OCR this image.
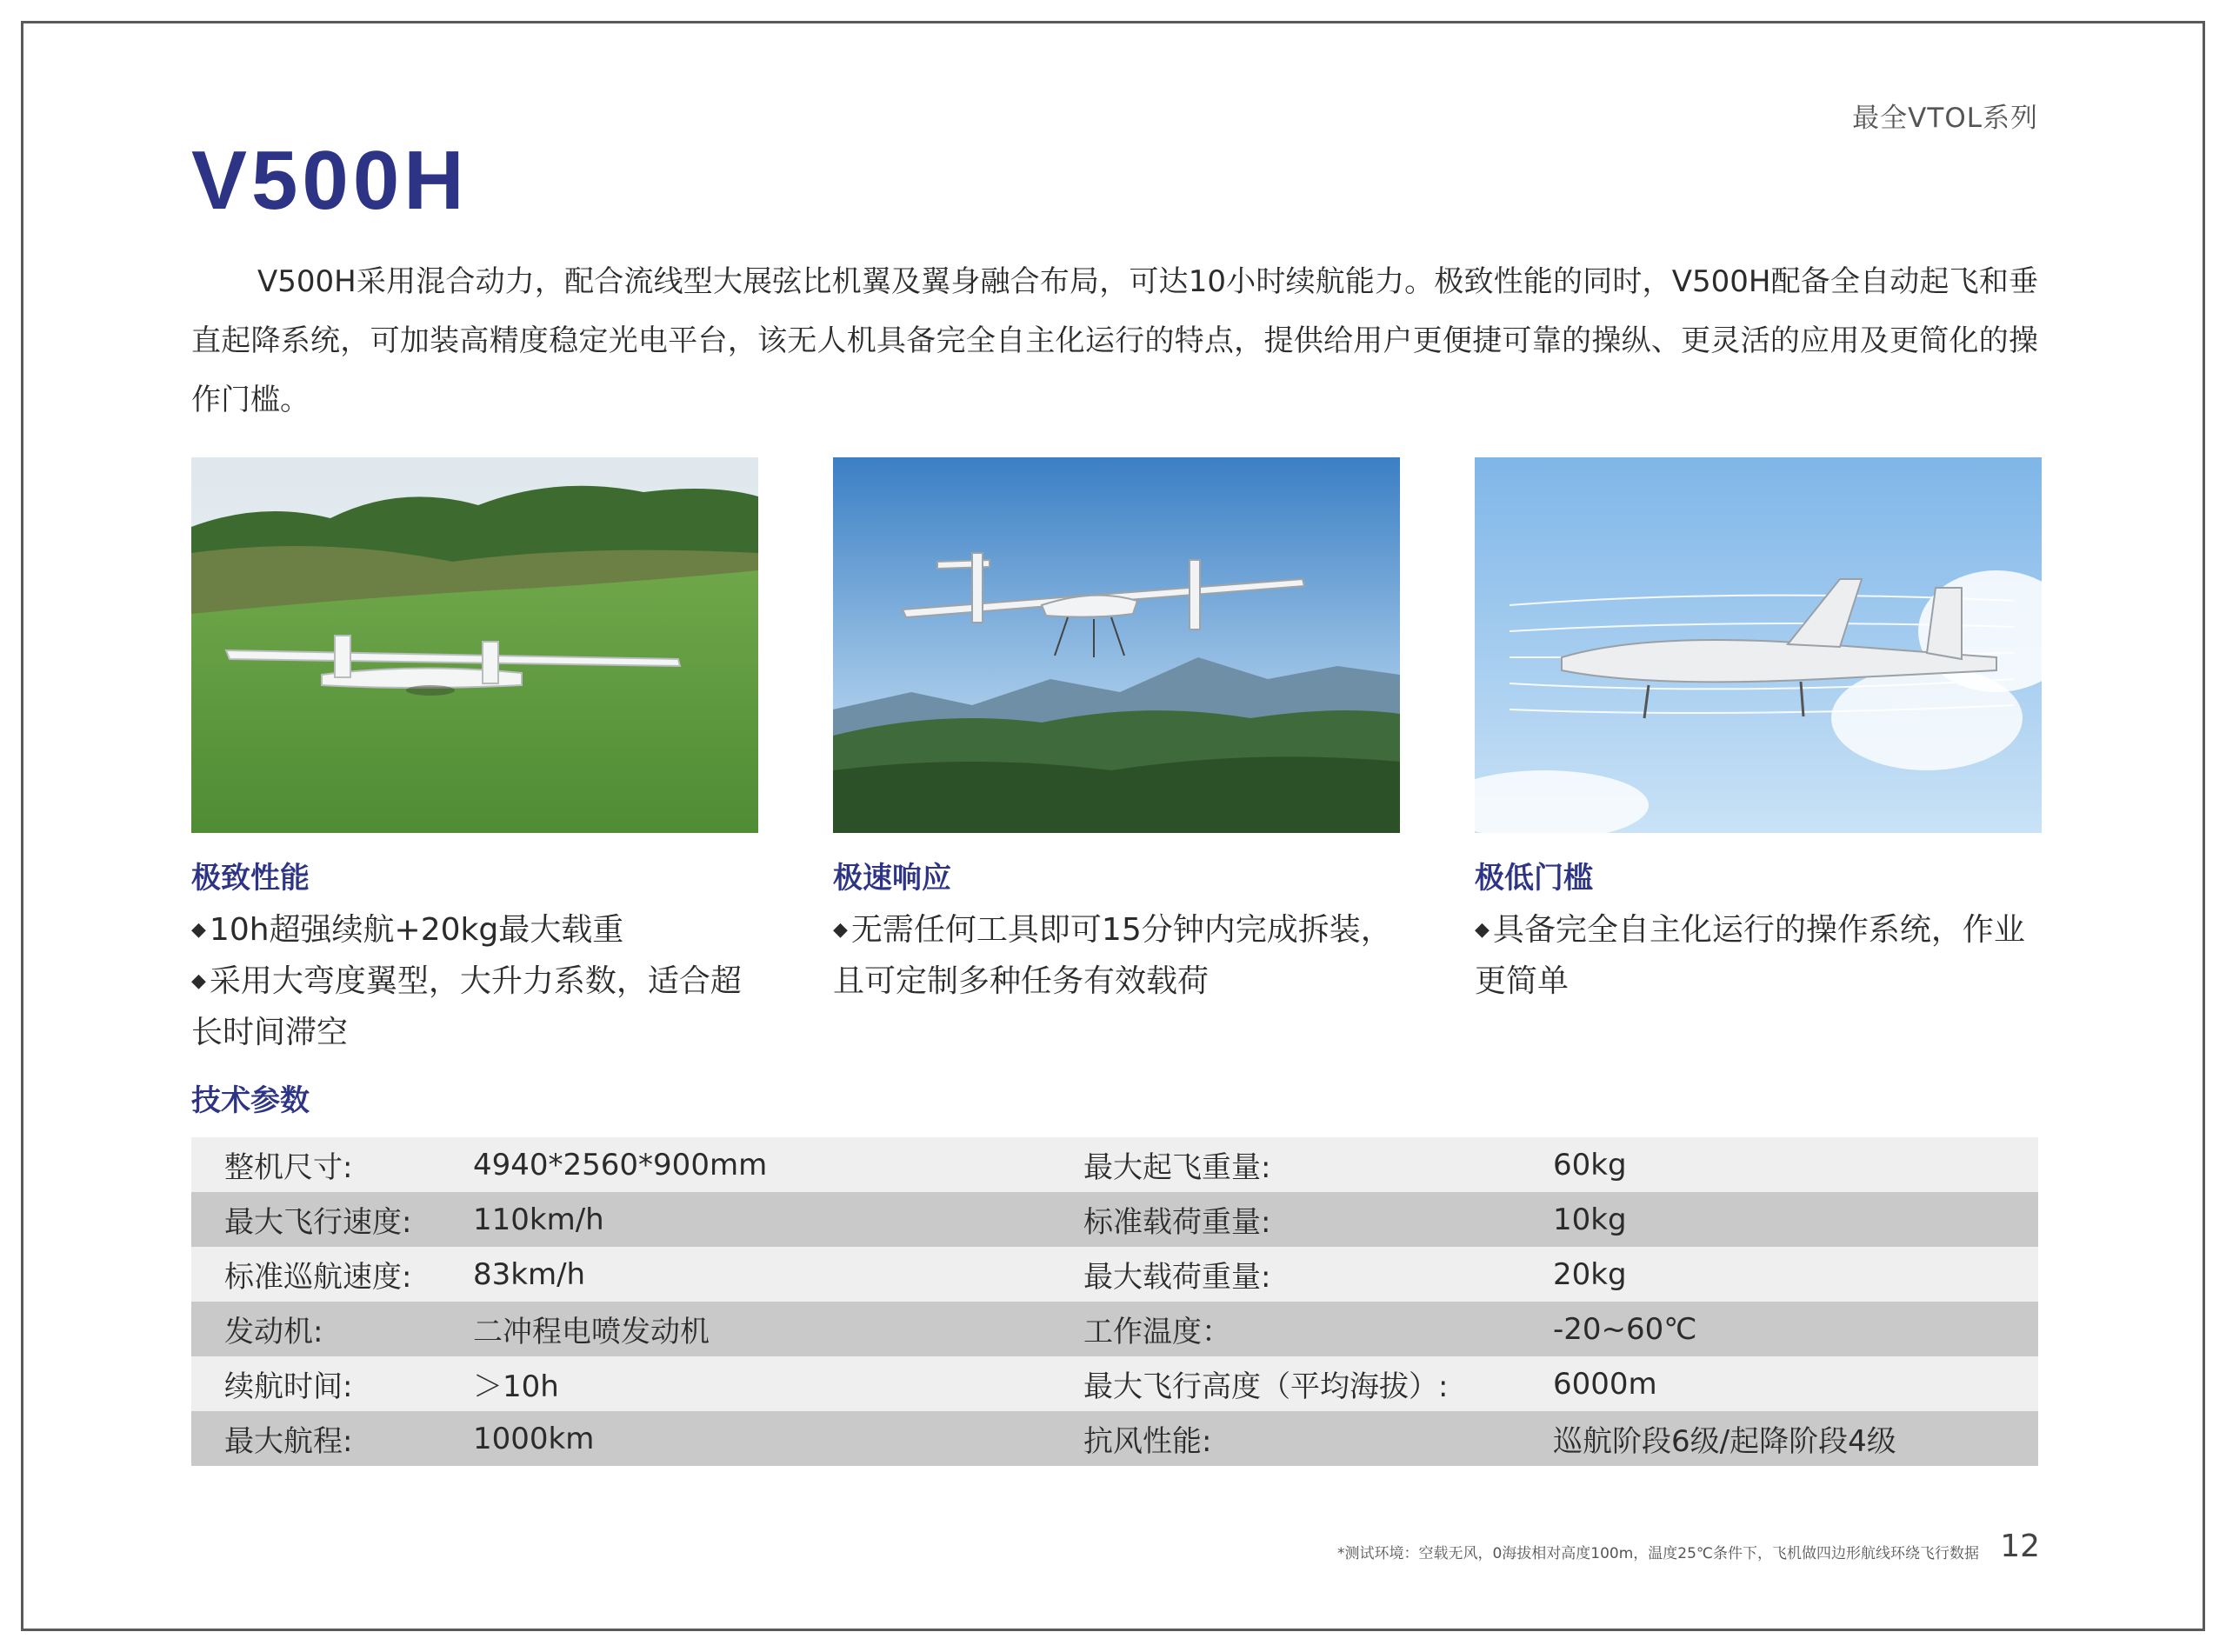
最全VTOL系列
V500H
V500H采用混合动力，配合流线型大展弦比机翼及翼身融合布局，可达10小时续航能力。极致性能的同时，V500H配备全自动起飞和垂直起降系统，可加装高精度稳定光电平台，该无人机具备完全自主化运行的特点，提供给用户更便捷可靠的操纵、更灵活的应用及更简化的操作门槛。
极致性能
◆ 10h超强续航+20kg最大载重
◆ 采用大弯度翼型，大升力系数，适合超长时间滞空
极速响应
◆ 无需任何工具即可15分钟内完成拆装，且可定制多种任务有效载荷
极低门槛
◆ 具备完全自主化运行的操作系统，作业更简单
技术参数
整机尺寸:	4940*2560*900mm	最大起飞重量:	60kg
最大飞行速度:	110km/h	标准载荷重量:	10kg
标准巡航速度:	83km/h	最大载荷重量:	20kg
发动机:	二冲程电喷发动机	工作温度：	-20~60℃
续航时间:	＞10h	最大飞行高度（平均海拔）:	6000m
最大航程:	1000km	抗风性能:	巡航阶段6级/起降阶段4级
*测试环境：空载无风，0海拔相对高度100m，温度25℃条件下，飞机做四边形航线环绕飞行数据 12
